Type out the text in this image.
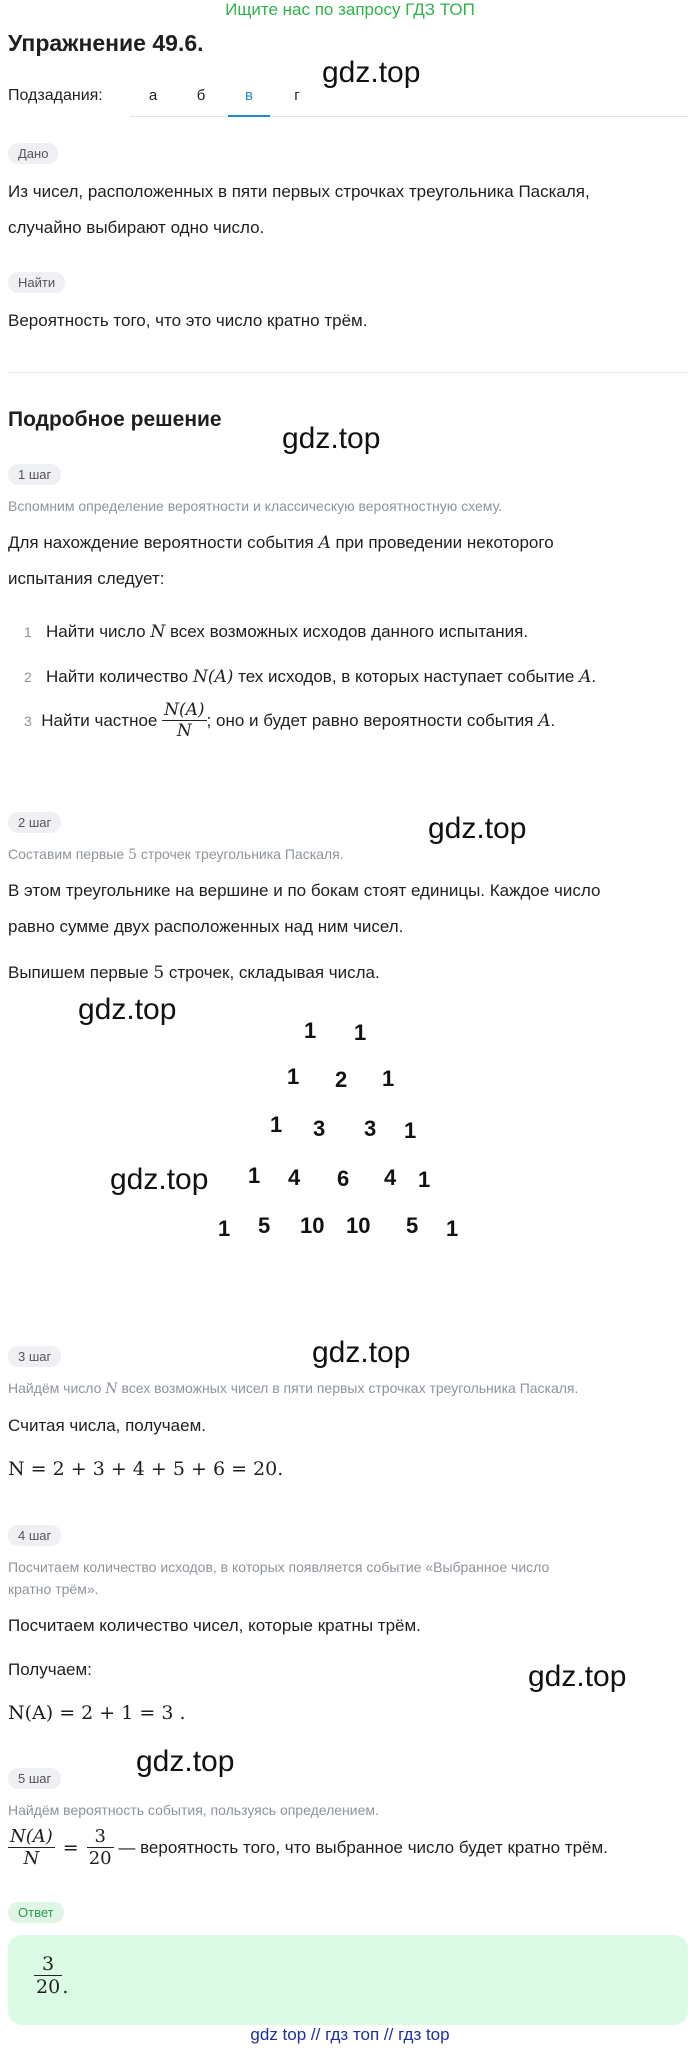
Ищите нас по запросу ГДЗ ТОП
Упражнение 49.6.
gdz.top
Подзадания:	а	б	в	г
Дано
Из чисел, расположенных в пяти первых строчках треугольника Паскаля,
случайно выбирают одно число.
Найти
Вероятность того, что это число кратно трём.
Подробное решение
gdz.top
1 шаг
Вспомним определение вероятности и классическую вероятностную схему.
Для нахождение вероятности события A при проведении некоторого
испытания следует:
1 Найти число N всех возможных исходов данного испытания.
2 Найти количество N(A) тех исходов, в которых наступает событие A.
3
Найти частное
$\frac{N(A)}{N}$ ; оно и будет равно вероятности события
A .
2 шаг	gdz.top
Составим первые 5 строчек треугольника Паскаля.
В этом треугольнике на вершине и по бокам стоят единицы. Каждое число
равно сумме двух расположенных над ним чисел.
Выпишем первые 5 строчек, складывая числа.
gdz.top
gdz.top
1 1
1 2 1
1 3 3 1
1 4 6 4 1
1 5 10 10 5 1
3 шаг	gdz.top
Найдём число N всех возможных чисел в пяти первых строчках треугольника Паскаля.
Считая числа, получаем.
N = 2 + 3 + 4 + 5 + 6 = 20.
4 шаг
Посчитаем количество исходов, в которых появляется событие «Выбранное число
кратно трём».
Посчитаем количество чисел, которые кратны трём.
Получаем:	gdz.top
N(A) = 2 + 1 = 3 .
gdz.top
5 шаг
Найдём вероятность события, пользуясь определением.
$\frac{N(A)}{N} = \frac{3}{20}$
— вероятность того, что выбранное число будет кратно трём.
Ответ
$\frac{3}{20}$ .
gdz top // гдз топ // гдз top
